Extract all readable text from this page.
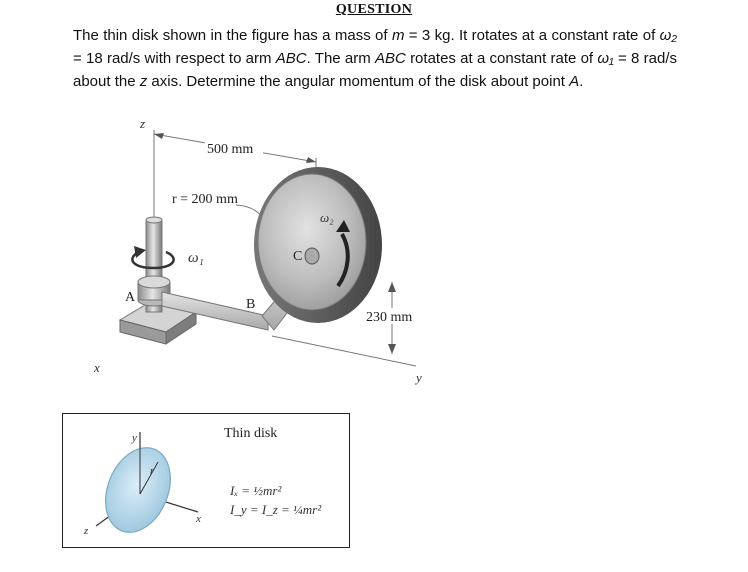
QUESTION

The thin disk shown in the figure has a mass of m = 3 kg. It rotates at a constant rate of ω₂ = 18 rad/s with respect to arm ABC. The arm ABC rotates at a constant rate of ω₁ = 8 rad/s about the z axis. Determine the angular momentum of the disk about point A.

z
500 mm
r = 200 mm
ω₁
A	B
C
ω₂
230 mm
y
x
y
x
z
r
Thin disk
Iₓ = ½mr²
I_y = I_z = ¼mr²
